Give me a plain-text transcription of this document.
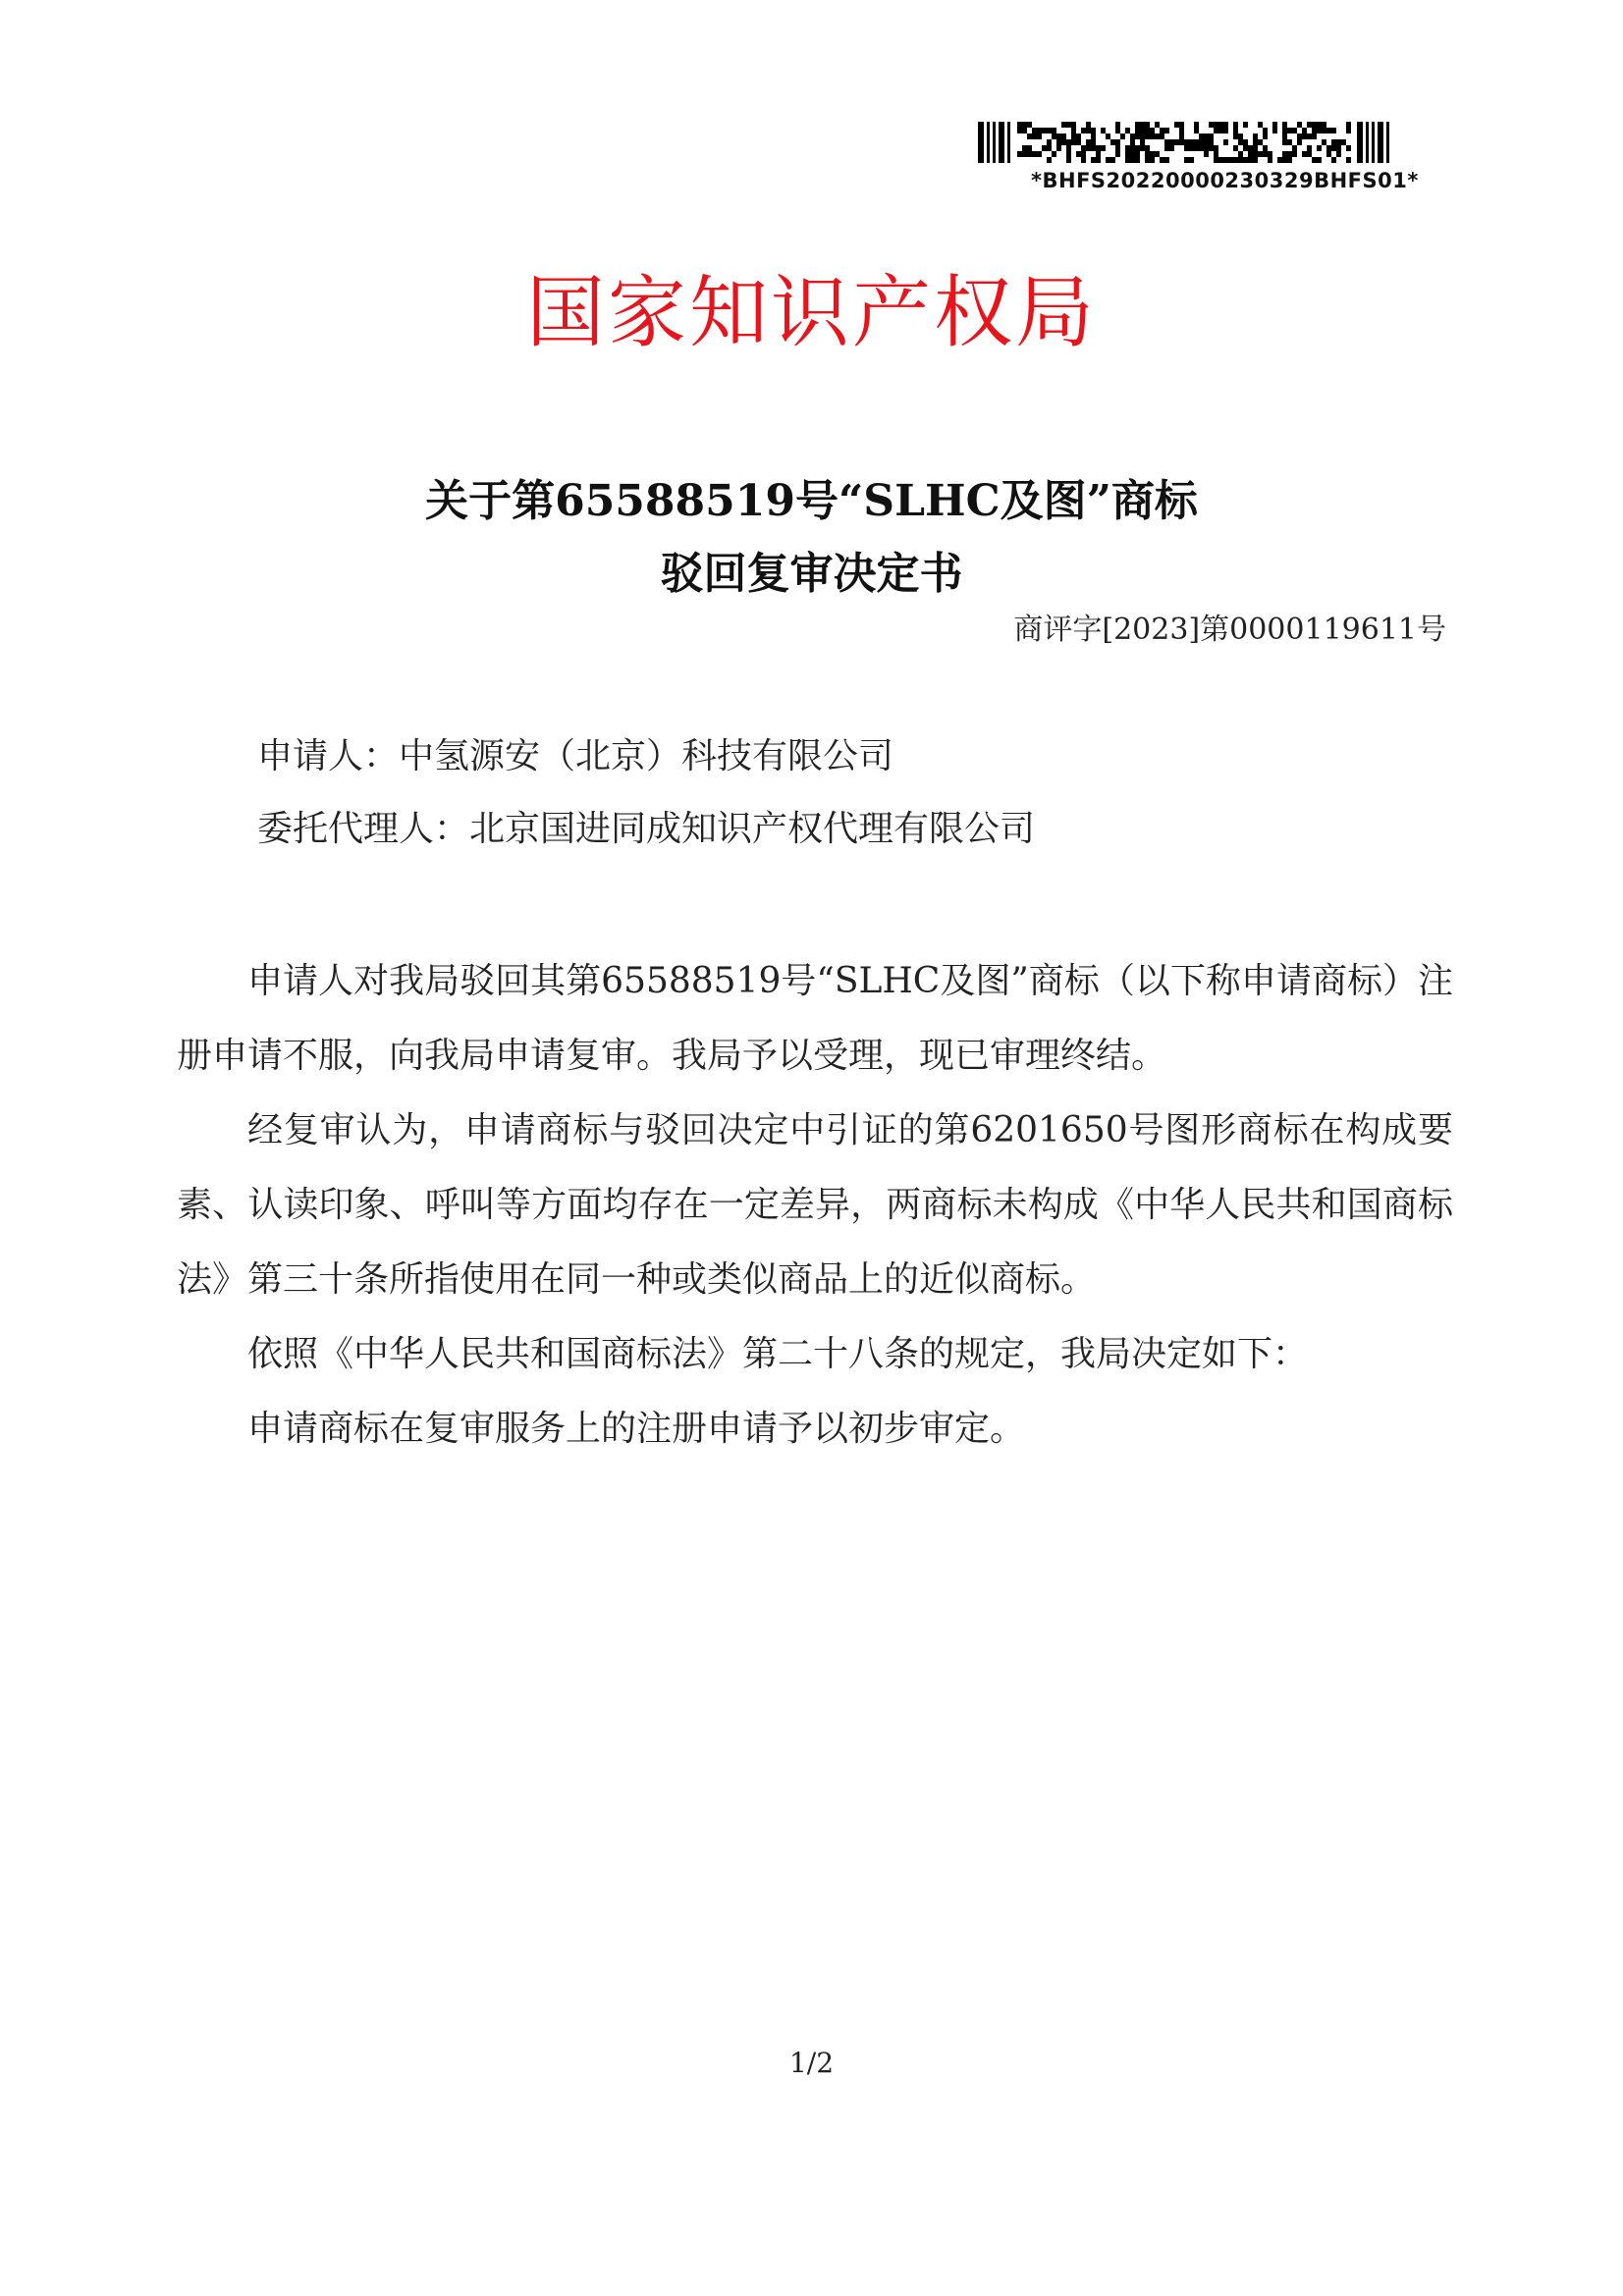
*BHFS20220000230329BHFS01*
国家知识产权局
关于第65588519号“SLHC及图”商标
驳回复审决定书
商评字[2023]第0000119611号
申请人：中氢源安（北京）科技有限公司
委托代理人：北京国进同成知识产权代理有限公司

申请人对我局驳回其第65588519号“SLHC及图”商标（以下称申请商标）注册申请不服，向我局申请复审。我局予以受理，现已审理终结。

经复审认为，申请商标与驳回决定中引证的第6201650号图形商标在构成要素、认读印象、呼叫等方面均存在一定差异，两商标未构成《中华人民共和国商标法》第三十条所指使用在同一种或类似商品上的近似商标。

依照《中华人民共和国商标法》第二十八条的规定，我局决定如下：

申请商标在复审服务上的注册申请予以初步审定。

1/2
